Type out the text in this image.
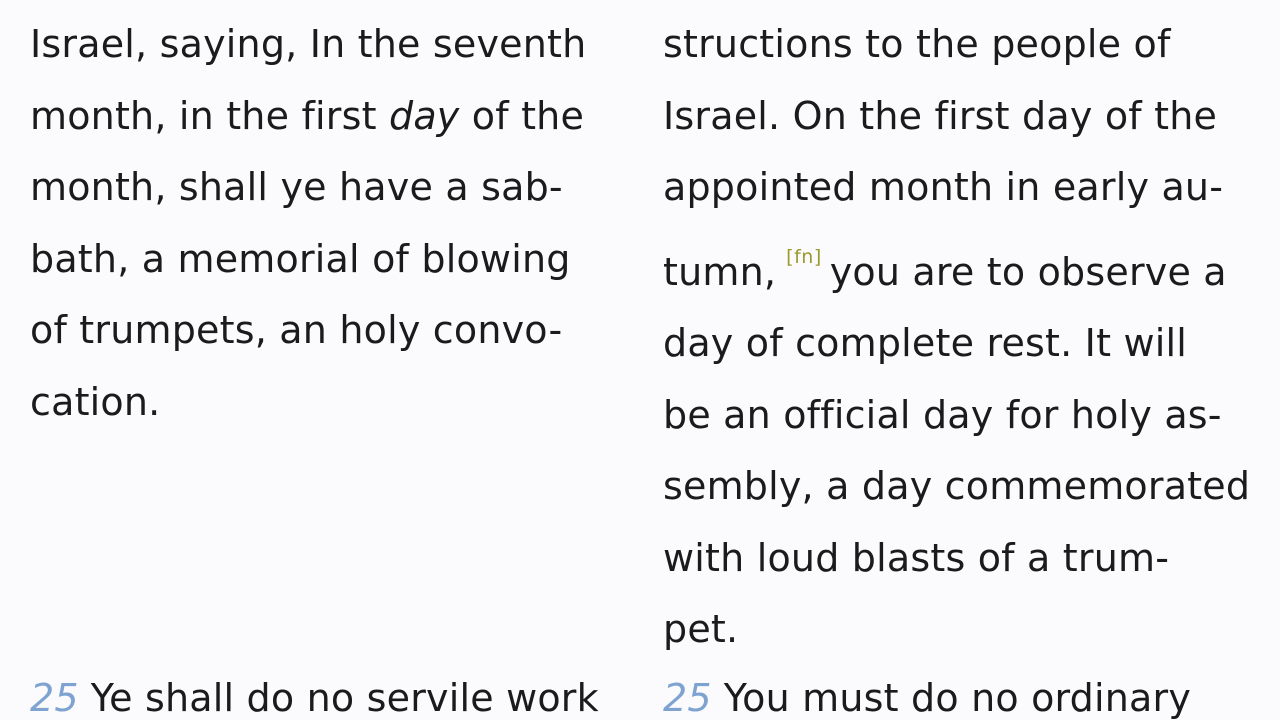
Israel, saying, In the seventh
month, in the first day of the
month, shall ye have a sab-
bath, a memorial of blowing
of trumpets, an holy convo-
cation.
25 Ye shall do no servile work
structions to the people of
Israel. On the first day of the
appointed month in early au-
tumn, [fn] you are to observe a
day of complete rest. It will
be an official day for holy as-
sembly, a day commemorated
with loud blasts of a trum-
pet.
25 You must do no ordinary
